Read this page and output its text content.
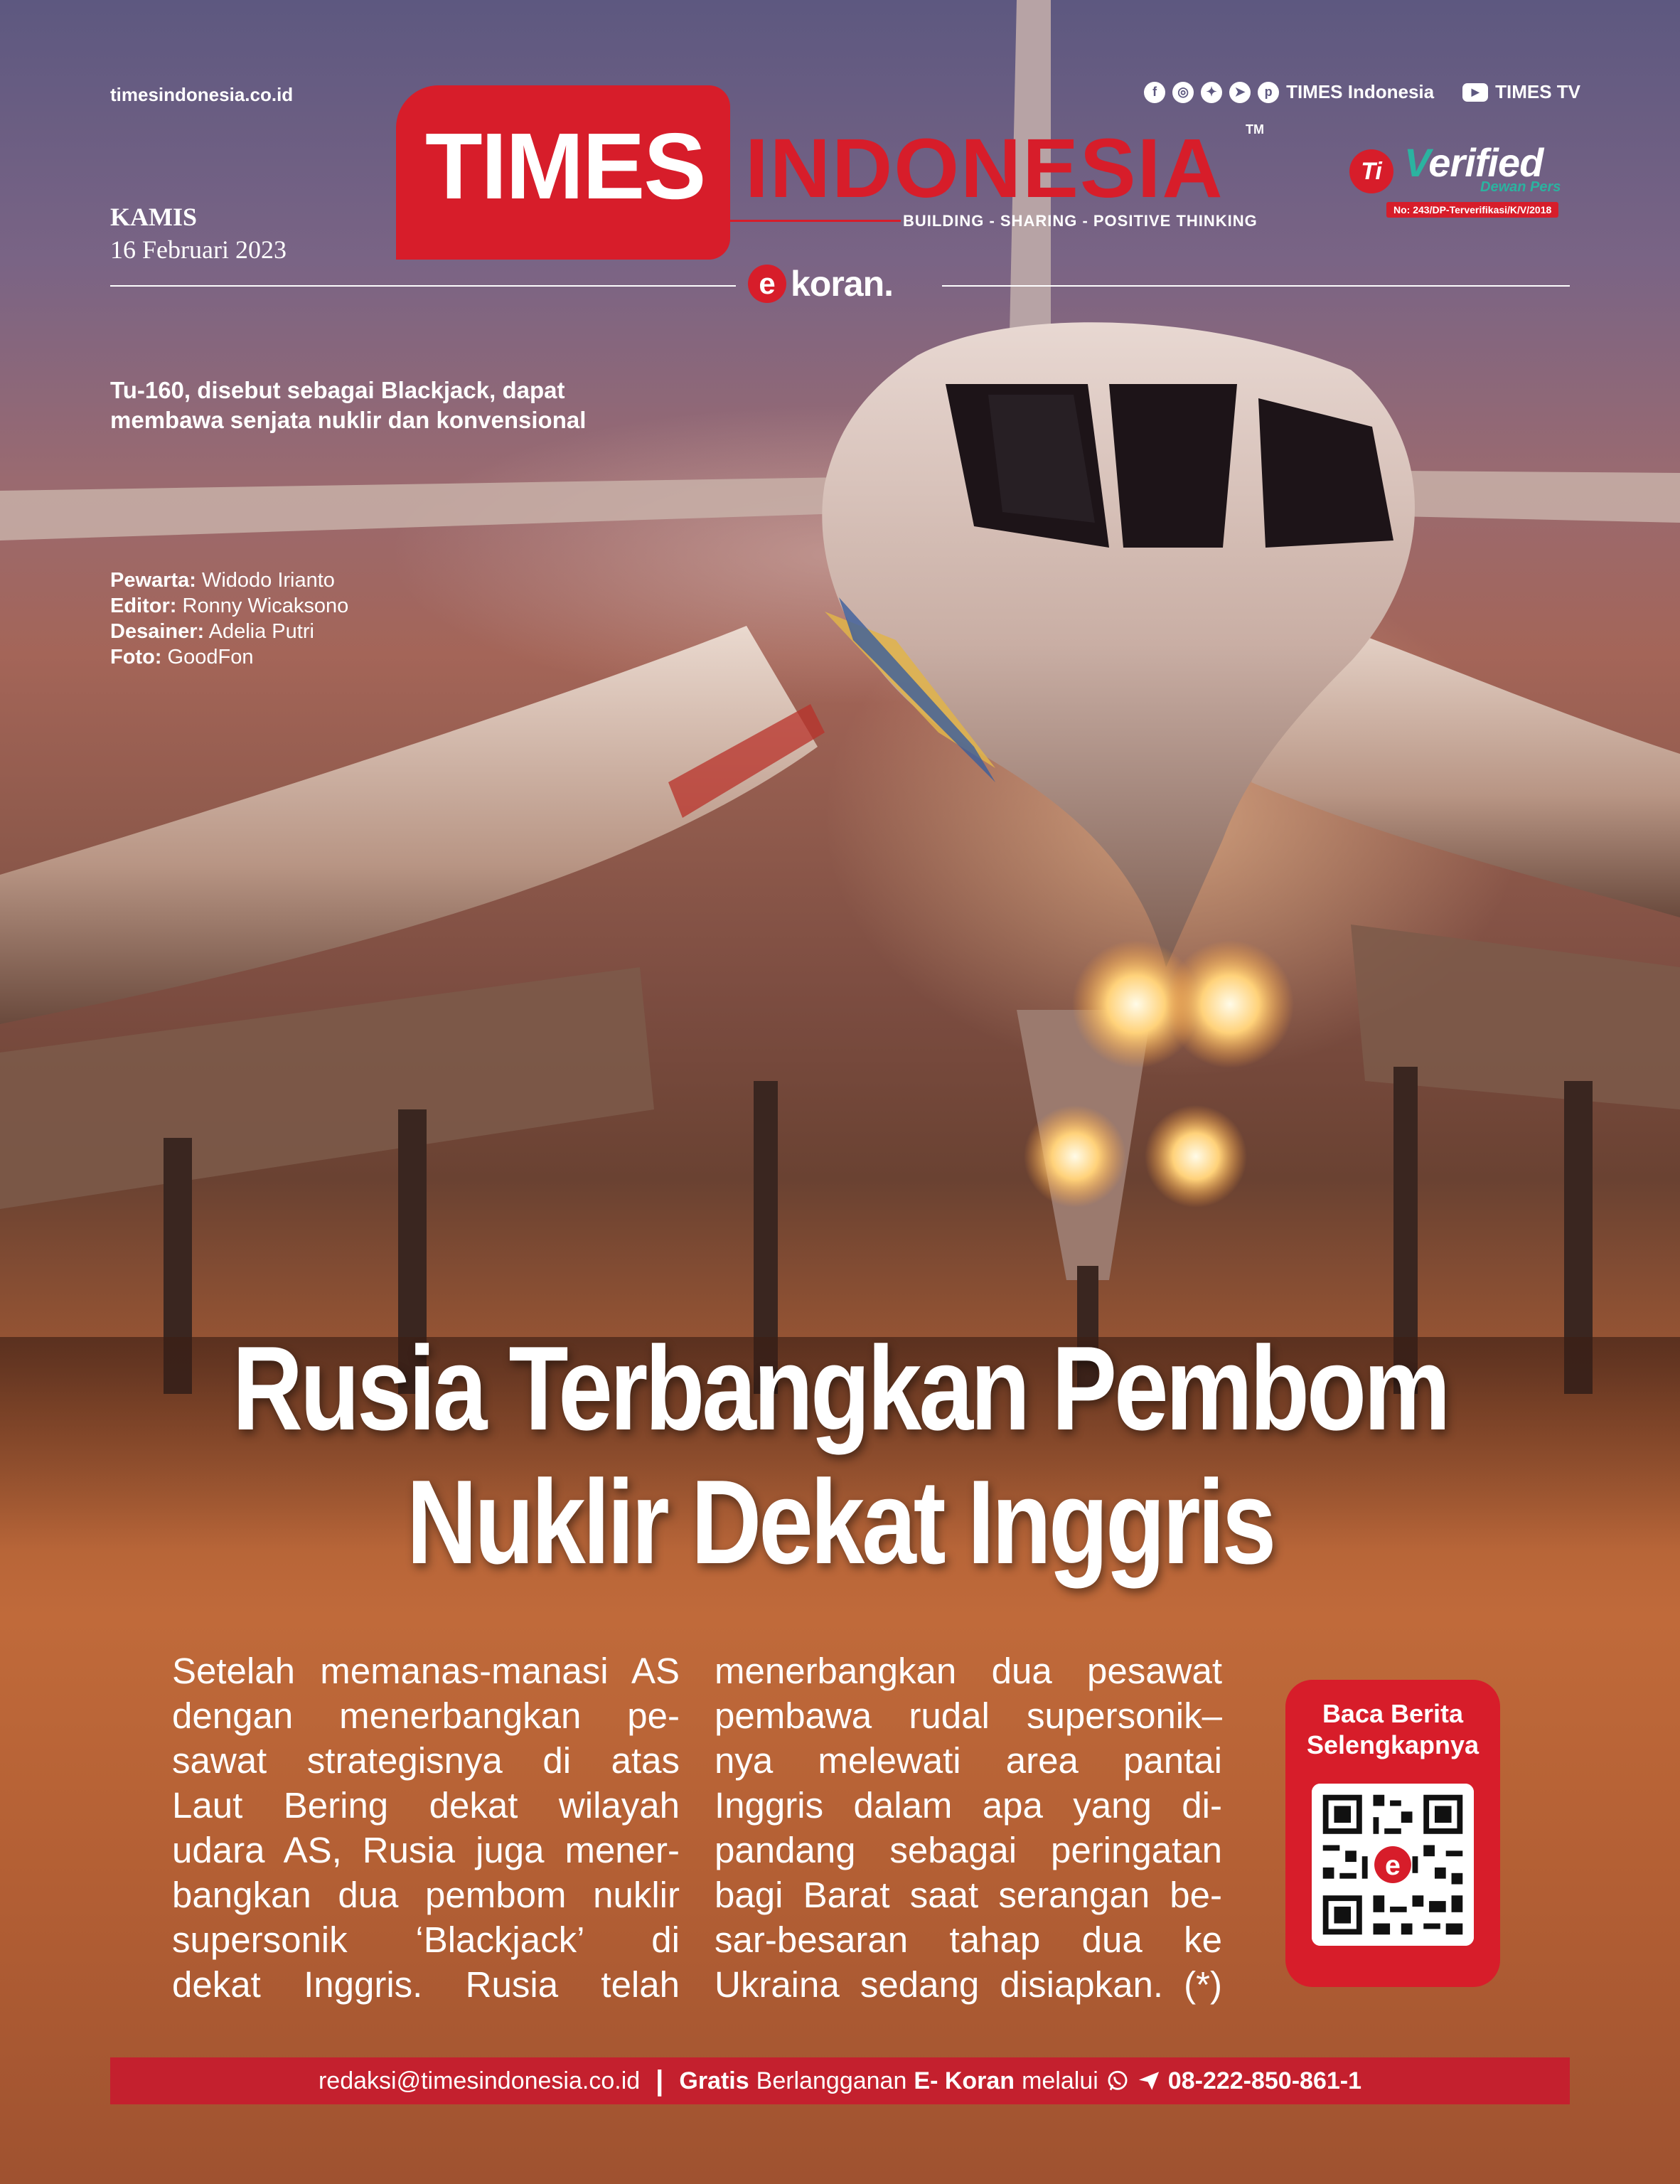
timesindonesia.co.id	f	◎	✦	➤	p TIMES Indonesia	▶ TIMES TV
TIMES INDONESIA TM
BUILDING - SHARING - POSITIVE THINKING
Ti Verified
Dewan Pers
No: 243/DP-Terverifikasi/K/V/2018
KAMIS
16 Februari 2023
e koran.
Tu-160, disebut sebagai Blackjack, dapat membawa senjata nuklir dan konvensional
Pewarta: Widodo Irianto
Editor: Ronny Wicaksono
Desainer: Adelia Putri
Foto: GoodFon
Rusia Terbangkan Pembom
Nuklir Dekat Inggris
Setelah memanas-manasi AS
dengan menerbangkan pe-
sawat strategisnya di atas
Laut Bering dekat wilayah
udara AS, Rusia juga mener-
bangkan dua pembom nuklir
supersonik ‘Blackjack’ di
dekat Inggris. Rusia telah
menerbangkan dua pesawat
pembawa rudal supersonik–
nya melewati area pantai
Inggris dalam apa yang di-
pandang sebagai peringatan
bagi Barat saat serangan be-
sar-besaran tahap dua ke
Ukraina sedang disiapkan. (*)
Baca Berita
Selengkapnya
e
redaksi@timesindonesia.co.id | Gratis Berlangganan E- Koran melalui	08-222-850-861-1
